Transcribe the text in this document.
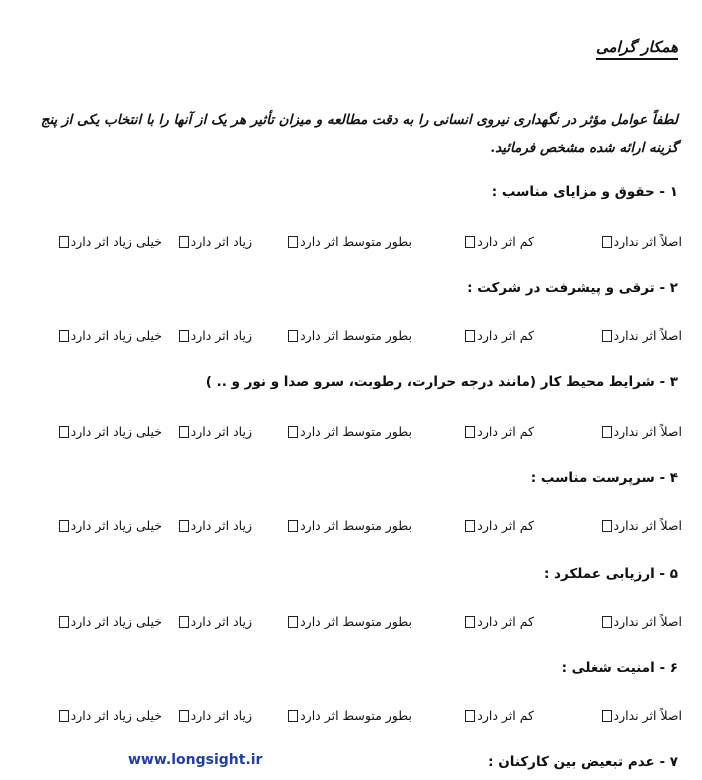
همکار گرامی
لطفاً عوامل مؤثر در نگهداری نیروی انسانی را به دقت مطالعه و میزان تأثیر هر یک از آنها را با انتخاب یکی از پنج گزینه ارائه شده مشخص فرمائید.
۱ - حقوق و مزایای مناسب :
اصلاً اثر ندارد
کم اثر دارد
بطور متوسط اثر دارد
زیاد اثر دارد
خیلی زیاد اثر دارد
۲ - ترقی و پیشرفت در شرکت :
اصلاً اثر ندارد
کم اثر دارد
بطور متوسط اثر دارد
زیاد اثر دارد
خیلی زیاد اثر دارد
۳ - شرایط محیط کار (مانند درجه حرارت، رطوبت، سرو صدا و نور و .. )
اصلاً اثر ندارد
کم اثر دارد
بطور متوسط اثر دارد
زیاد اثر دارد
خیلی زیاد اثر دارد
۴ - سرپرست مناسب :
اصلاً اثر ندارد
کم اثر دارد
بطور متوسط اثر دارد
زیاد اثر دارد
خیلی زیاد اثر دارد
۵ - ارزیابی عملکرد :
اصلاً اثر ندارد
کم اثر دارد
بطور متوسط اثر دارد
زیاد اثر دارد
خیلی زیاد اثر دارد
۶ - امنیت شغلی :
اصلاً اثر ندارد
کم اثر دارد
بطور متوسط اثر دارد
زیاد اثر دارد
خیلی زیاد اثر دارد
۷ - عدم تبعیض بین کارکنان :
www.longsight.ir
